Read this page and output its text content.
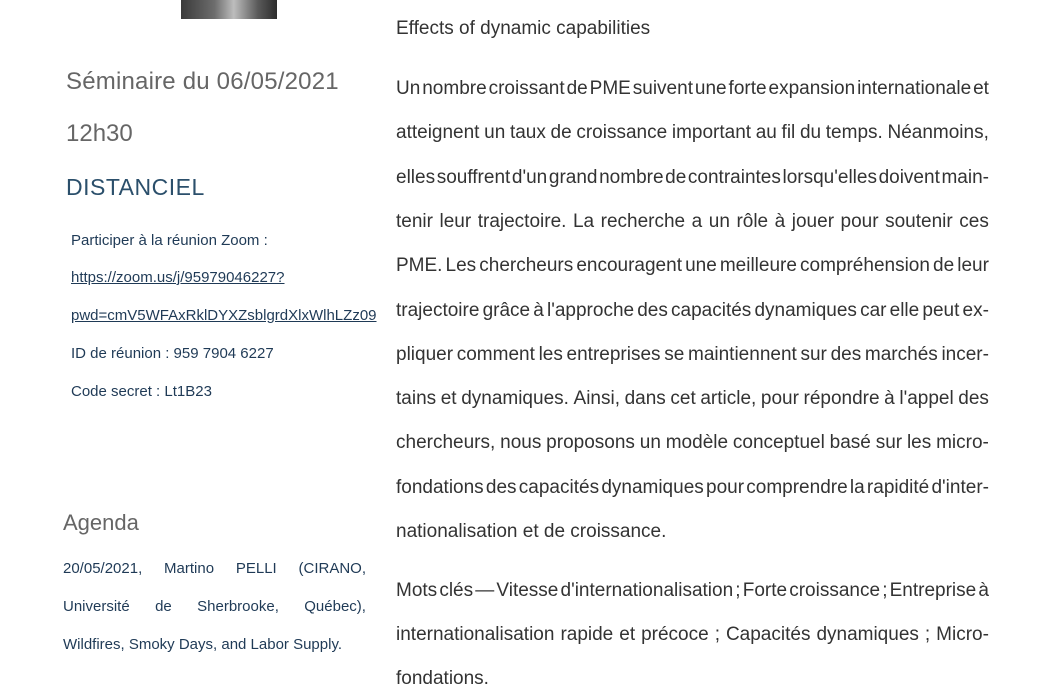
Séminaire du 06/05/2021
12h30
DISTANCIEL
Participer à la réunion Zoom :
https://zoom.us/j/95979046227?
pwd=cmV5WFAxRklDYXZsblgrdXlxWlhLZz09
ID de réunion : 959 7904 6227
Code secret : Lt1B23
Agenda
20/05/2021, Martino PELLI (CIRANO,
Université de Sherbrooke, Québec),
Wildfires, Smoky Days, and Labor Supply.
Effects of dynamic capabilities
Un nombre croissant de PME suivent une forte expansion internationale et
atteignent un taux de croissance important au fil du temps. Néanmoins,
elles souffrent d'un grand nombre de contraintes lorsqu'elles doivent main-
tenir leur trajectoire. La recherche a un rôle à jouer pour soutenir ces
PME. Les chercheurs encouragent une meilleure compréhension de leur
trajectoire grâce à l'approche des capacités dynamiques car elle peut ex-
pliquer comment les entreprises se maintiennent sur des marchés incer-
tains et dynamiques. Ainsi, dans cet article, pour répondre à l'appel des
chercheurs, nous proposons un modèle conceptuel basé sur les micro-
fondations des capacités dynamiques pour comprendre la rapidité d'inter-
nationalisation et de croissance.
Mots clés — Vitesse d'internationalisation ; Forte croissance ; Entreprise à
internationalisation rapide et précoce ; Capacités dynamiques ; Micro-
fondations.
